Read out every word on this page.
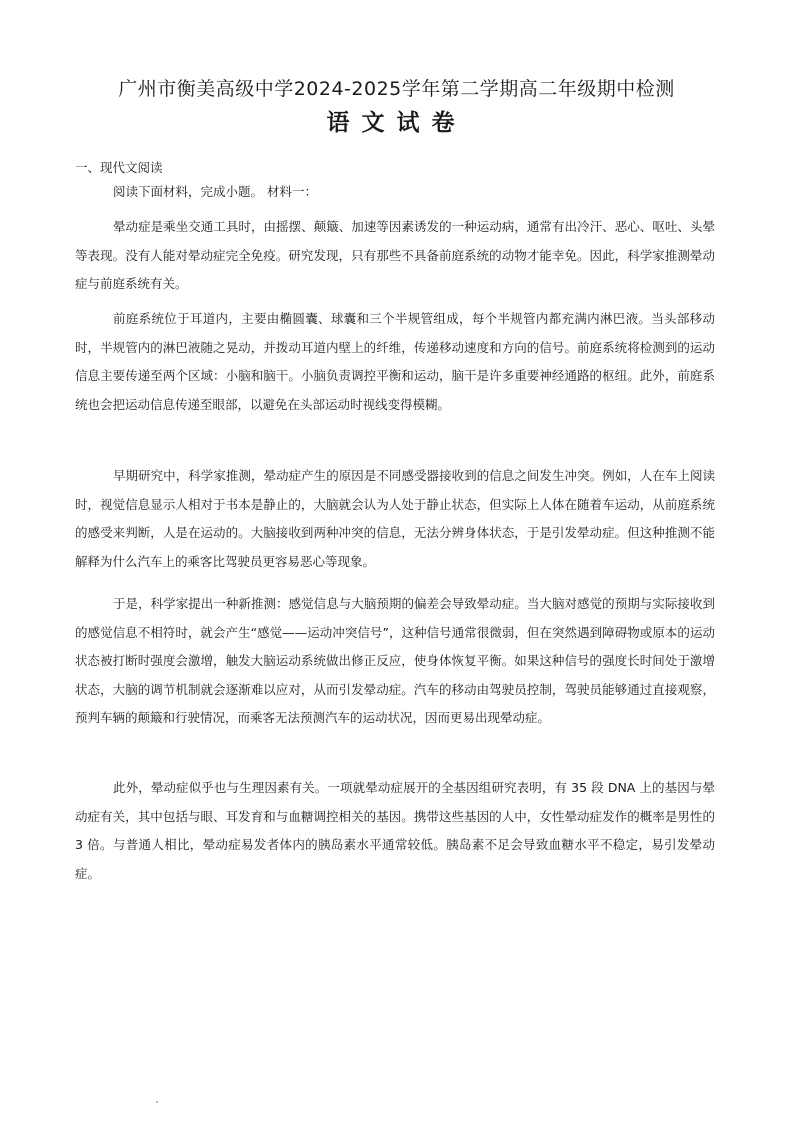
广州市衡美高级中学2024-2025学年第二学期高二年级期中检测
语文试卷
一、现代文阅读
阅读下面材料，完成小题。 材料一：

晕动症是乘坐交通工具时，由摇摆、颠簸、加速等因素诱发的一种运动病，通常有出冷汗、恶心、呕吐、头晕等表现。没有人能对晕动症完全免疫。研究发现，只有那些不具备前庭系统的动物才能幸免。因此，科学家推测晕动症与前庭系统有关。

前庭系统位于耳道内，主要由椭圆囊、球囊和三个半规管组成，每个半规管内都充满内淋巴液。当头部移动时，半规管内的淋巴液随之晃动，并拨动耳道内壁上的纤维，传递移动速度和方向的信号。前庭系统将检测到的运动信息主要传递至两个区域：小脑和脑干。小脑负责调控平衡和运动，脑干是许多重要神经通路的枢纽。此外，前庭系统也会把运动信息传递至眼部，以避免在头部运动时视线变得模糊。

早期研究中，科学家推测，晕动症产生的原因是不同感受器接收到的信息之间发生冲突。例如，人在车上阅读时，视觉信息显示人相对于书本是静止的，大脑就会认为人处于静止状态，但实际上人体在随着车运动，从前庭系统的感受来判断，人是在运动的。大脑接收到两种冲突的信息，无法分辨身体状态，于是引发晕动症。但这种推测不能解释为什么汽车上的乘客比驾驶员更容易恶心等现象。

于是，科学家提出一种新推测：感觉信息与大脑预期的偏差会导致晕动症。当大脑对感觉的预期与实际接收到的感觉信息不相符时，就会产生“感觉——运动冲突信号”，这种信号通常很微弱，但在突然遇到障碍物或原本的运动状态被打断时强度会激增，触发大脑运动系统做出修正反应，使身体恢复平衡。如果这种信号的强度长时间处于激增状态，大脑的调节机制就会逐渐难以应对，从而引发晕动症。汽车的移动由驾驶员控制，驾驶员能够通过直接观察，预判车辆的颠簸和行驶情况，而乘客无法预测汽车的运动状况，因而更易出现晕动症。

此外，晕动症似乎也与生理因素有关。一项就晕动症展开的全基因组研究表明，有 35 段 DNA 上的基因与晕动症有关，其中包括与眼、耳发育和与血糖调控相关的基因。携带这些基因的人中，女性晕动症发作的概率是男性的 3 倍。与普通人相比，晕动症易发者体内的胰岛素水平通常较低。胰岛素不足会导致血糖水平不稳定，易引发晕动症。
